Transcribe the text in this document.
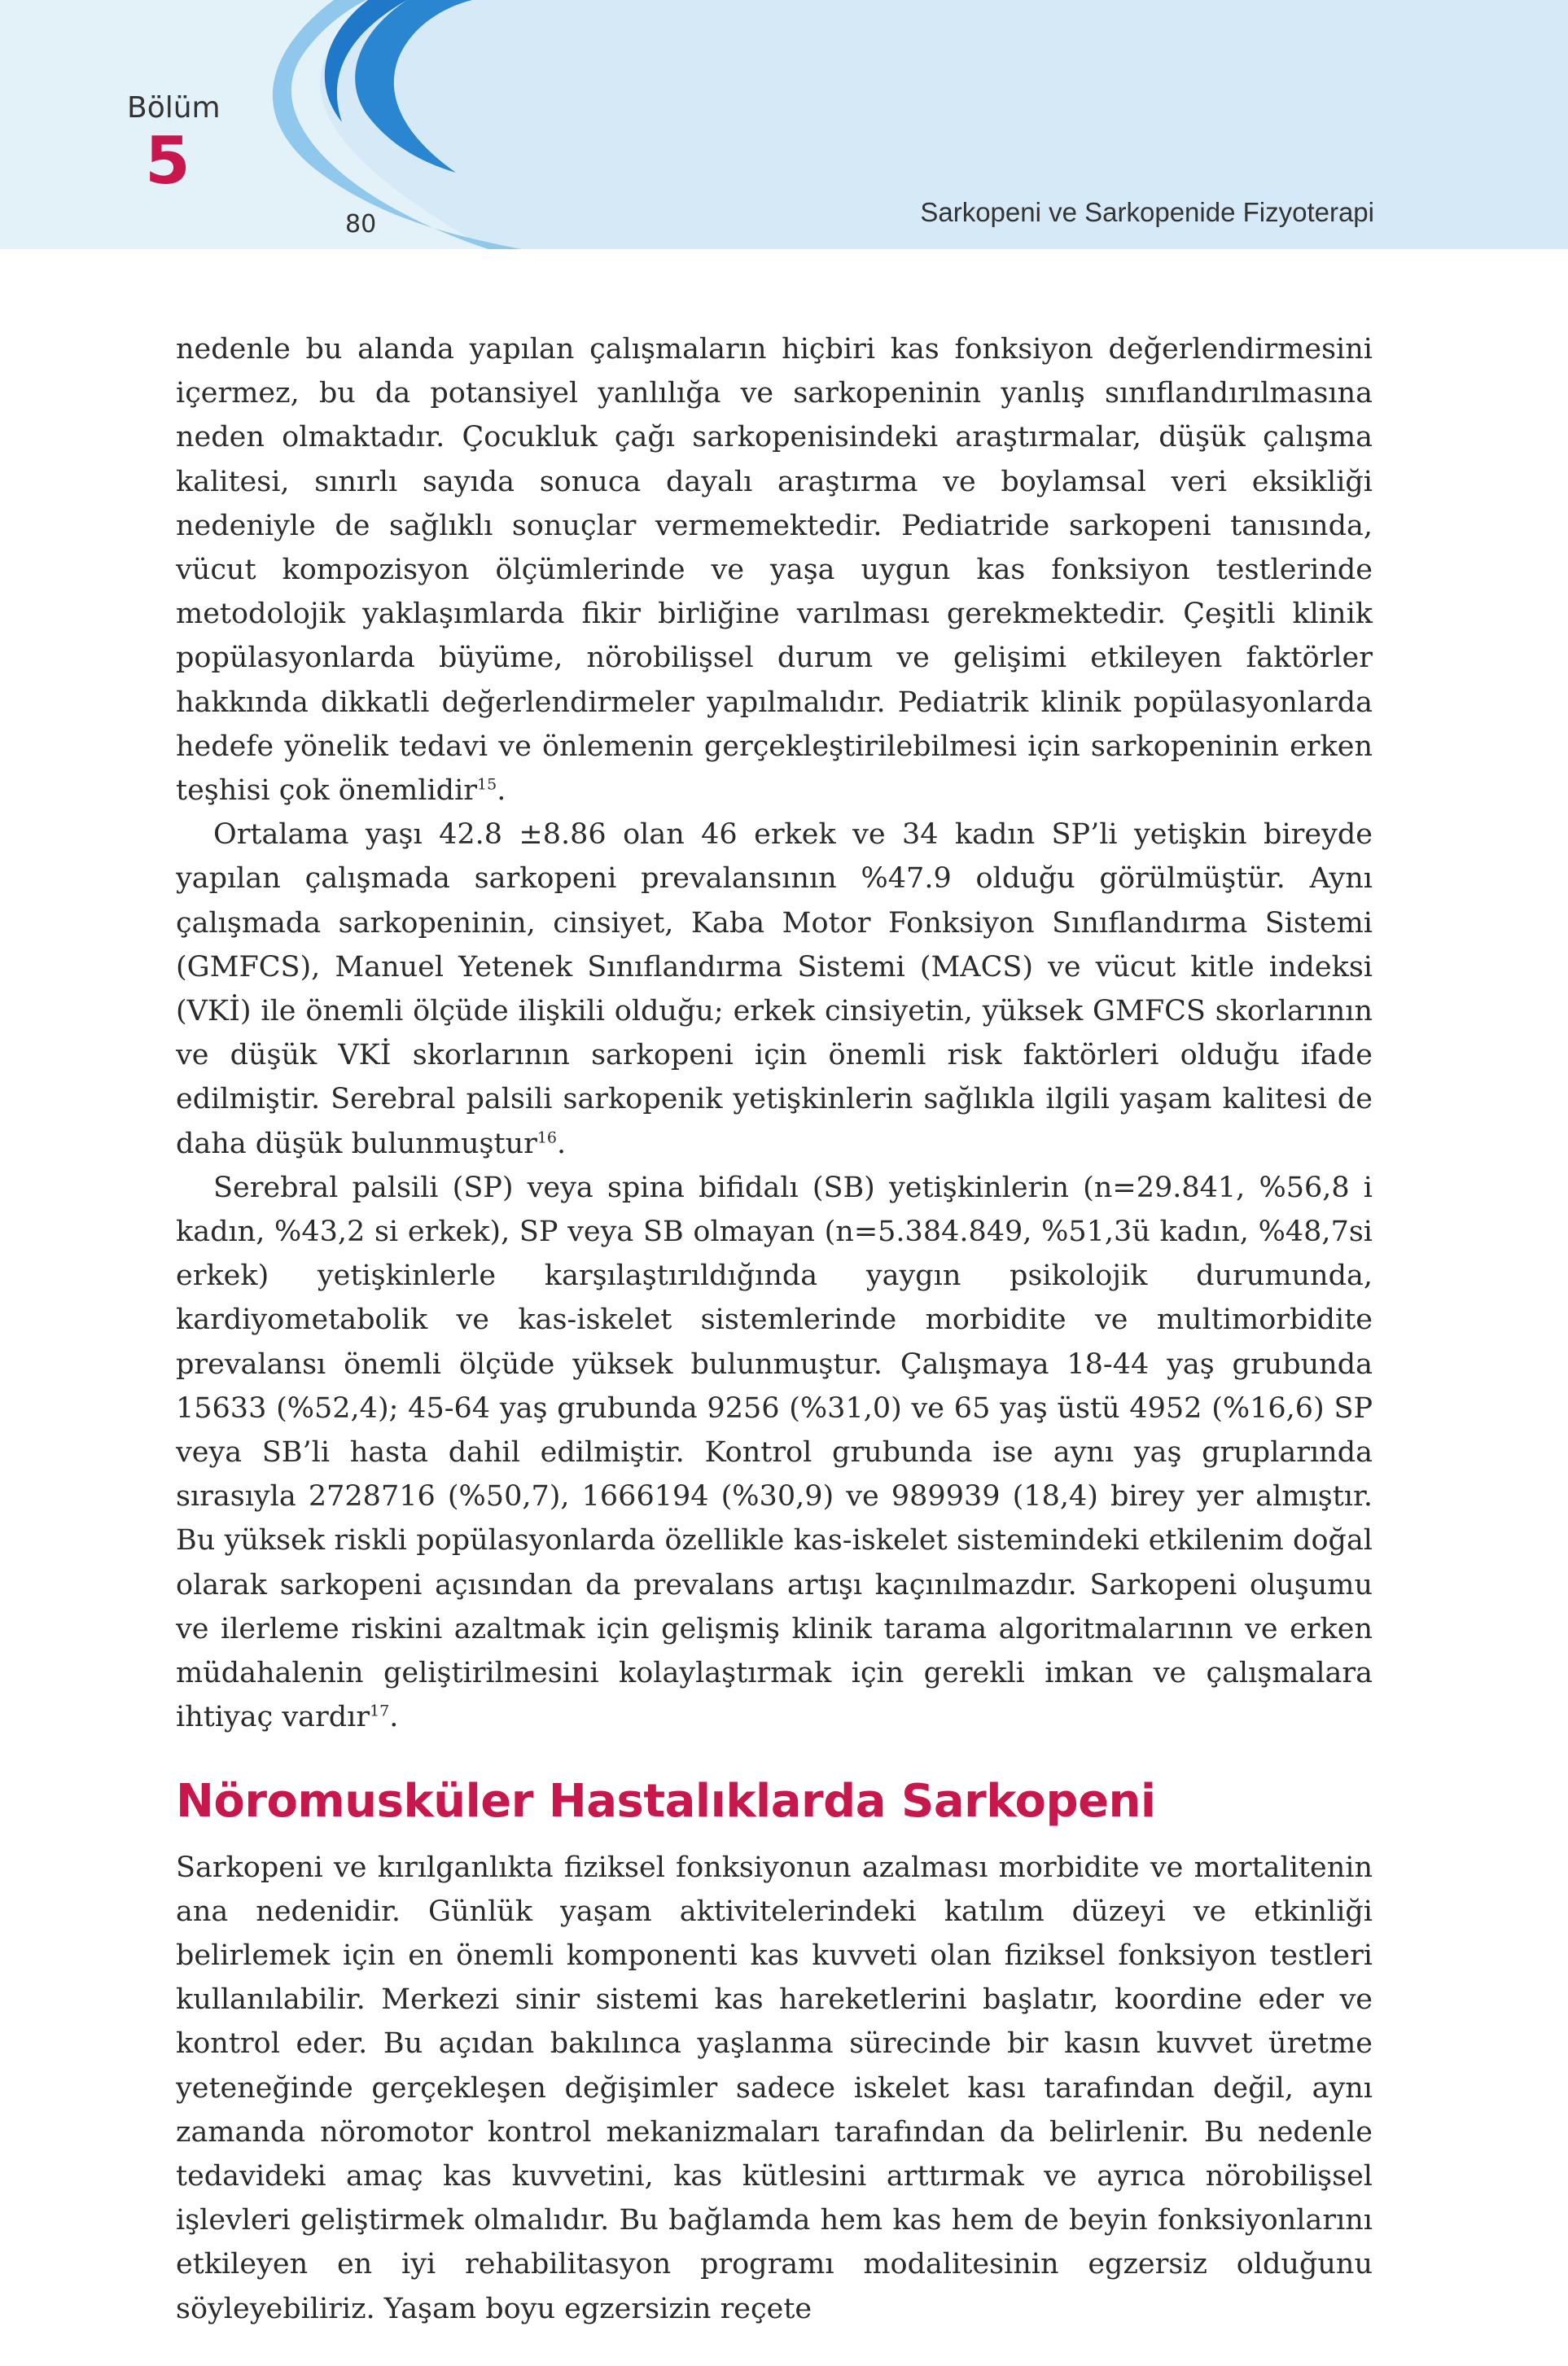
Bölüm
5
80	Sarkopeni ve Sarkopenide Fizyoterapi

nedenle bu alanda yapılan çalışmaların hiçbiri kas fonksiyon değerlendirmesini içermez, bu da potansiyel yanlılığa ve sarkopeninin yanlış sınıflandırılmasına neden olmaktadır. Çocukluk çağı sarkopenisindeki araştırmalar, düşük çalışma kalitesi, sınırlı sayıda sonuca dayalı araştırma ve boylamsal veri eksikliği nedeniyle de sağlıklı sonuçlar vermemektedir. Pediatride sarkopeni tanısında, vücut kompozisyon ölçümlerinde ve yaşa uygun kas fonksiyon testlerinde metodolojik yaklaşımlarda fikir birliğine varılması gerekmektedir. Çeşitli klinik popülasyonlarda büyüme, nörobilişsel durum ve gelişimi etkileyen faktörler hakkında dikkatli değerlendirmeler yapılmalıdır. Pediatrik klinik popülasyonlarda hedefe yönelik tedavi ve önlemenin gerçekleştirilebilmesi için sarkopeninin erken teşhisi çok önemlidir$^{15}$.

Ortalama yaşı 42.8 ±8.86 olan 46 erkek ve 34 kadın SP’li yetişkin bireyde yapılan çalışmada sarkopeni prevalansının %47.9 olduğu görülmüştür. Aynı çalışmada sarkopeninin, cinsiyet, Kaba Motor Fonksiyon Sınıflandırma Sistemi (GMFCS), Manuel Yetenek Sınıflandırma Sistemi (MACS) ve vücut kitle indeksi (VKİ) ile önemli ölçüde ilişkili olduğu; erkek cinsiyetin, yüksek GMFCS skorlarının ve düşük VKİ skorlarının sarkopeni için önemli risk faktörleri olduğu ifade edilmiştir. Serebral palsili sarkopenik yetişkinlerin sağlıkla ilgili yaşam kalitesi de daha düşük bulunmuştur$^{16}$.

Serebral palsili (SP) veya spina bifidalı (SB) yetişkinlerin (n=29.841, %56,8 i kadın, %43,2 si erkek), SP veya SB olmayan (n=5.384.849, %51,3ü kadın, %48,7si erkek) yetişkinlerle karşılaştırıldığında yaygın psikolojik durumunda, kardiyometabolik ve kas-iskelet sistemlerinde morbidite ve multimorbidite prevalansı önemli ölçüde yüksek bulunmuştur. Çalışmaya 18-44 yaş grubunda 15633 (%52,4); 45-64 yaş grubunda 9256 (%31,0) ve 65 yaş üstü 4952 (%16,6) SP veya SB’li hasta dahil edilmiştir. Kontrol grubunda ise aynı yaş gruplarında sırasıyla 2728716 (%50,7), 1666194 (%30,9) ve 989939 (18,4) birey yer almıştır. Bu yüksek riskli popülasyonlarda özellikle kas-iskelet sistemindeki etkilenim doğal olarak sarkopeni açısından da prevalans artışı kaçınılmazdır. Sarkopeni oluşumu ve ilerleme riskini azaltmak için gelişmiş klinik tarama algoritmalarının ve erken müdahalenin geliştirilmesini kolaylaştırmak için gerekli imkan ve çalışmalara ihtiyaç vardır$^{17}$.

Nöromusküler Hastalıklarda Sarkopeni

Sarkopeni ve kırılganlıkta fiziksel fonksiyonun azalması morbidite ve mortalitenin ana nedenidir. Günlük yaşam aktivitelerindeki katılım düzeyi ve etkinliği belirlemek için en önemli komponenti kas kuvveti olan fiziksel fonksiyon testleri kullanılabilir. Merkezi sinir sistemi kas hareketlerini başlatır, koordine eder ve kontrol eder. Bu açıdan bakılınca yaşlanma sürecinde bir kasın kuvvet üretme yeteneğinde gerçekleşen değişimler sadece iskelet kası tarafından değil, aynı zamanda nöromotor kontrol mekanizmaları tarafından da belirlenir. Bu nedenle tedavideki amaç kas kuvvetini, kas kütlesini arttırmak ve ayrıca nörobilişsel işlevleri geliştirmek olmalıdır. Bu bağlamda hem kas hem de beyin fonksiyonlarını etkileyen en iyi rehabilitasyon programı modalitesinin egzersiz olduğunu söyleyebiliriz. Yaşam boyu egzersizin reçete
